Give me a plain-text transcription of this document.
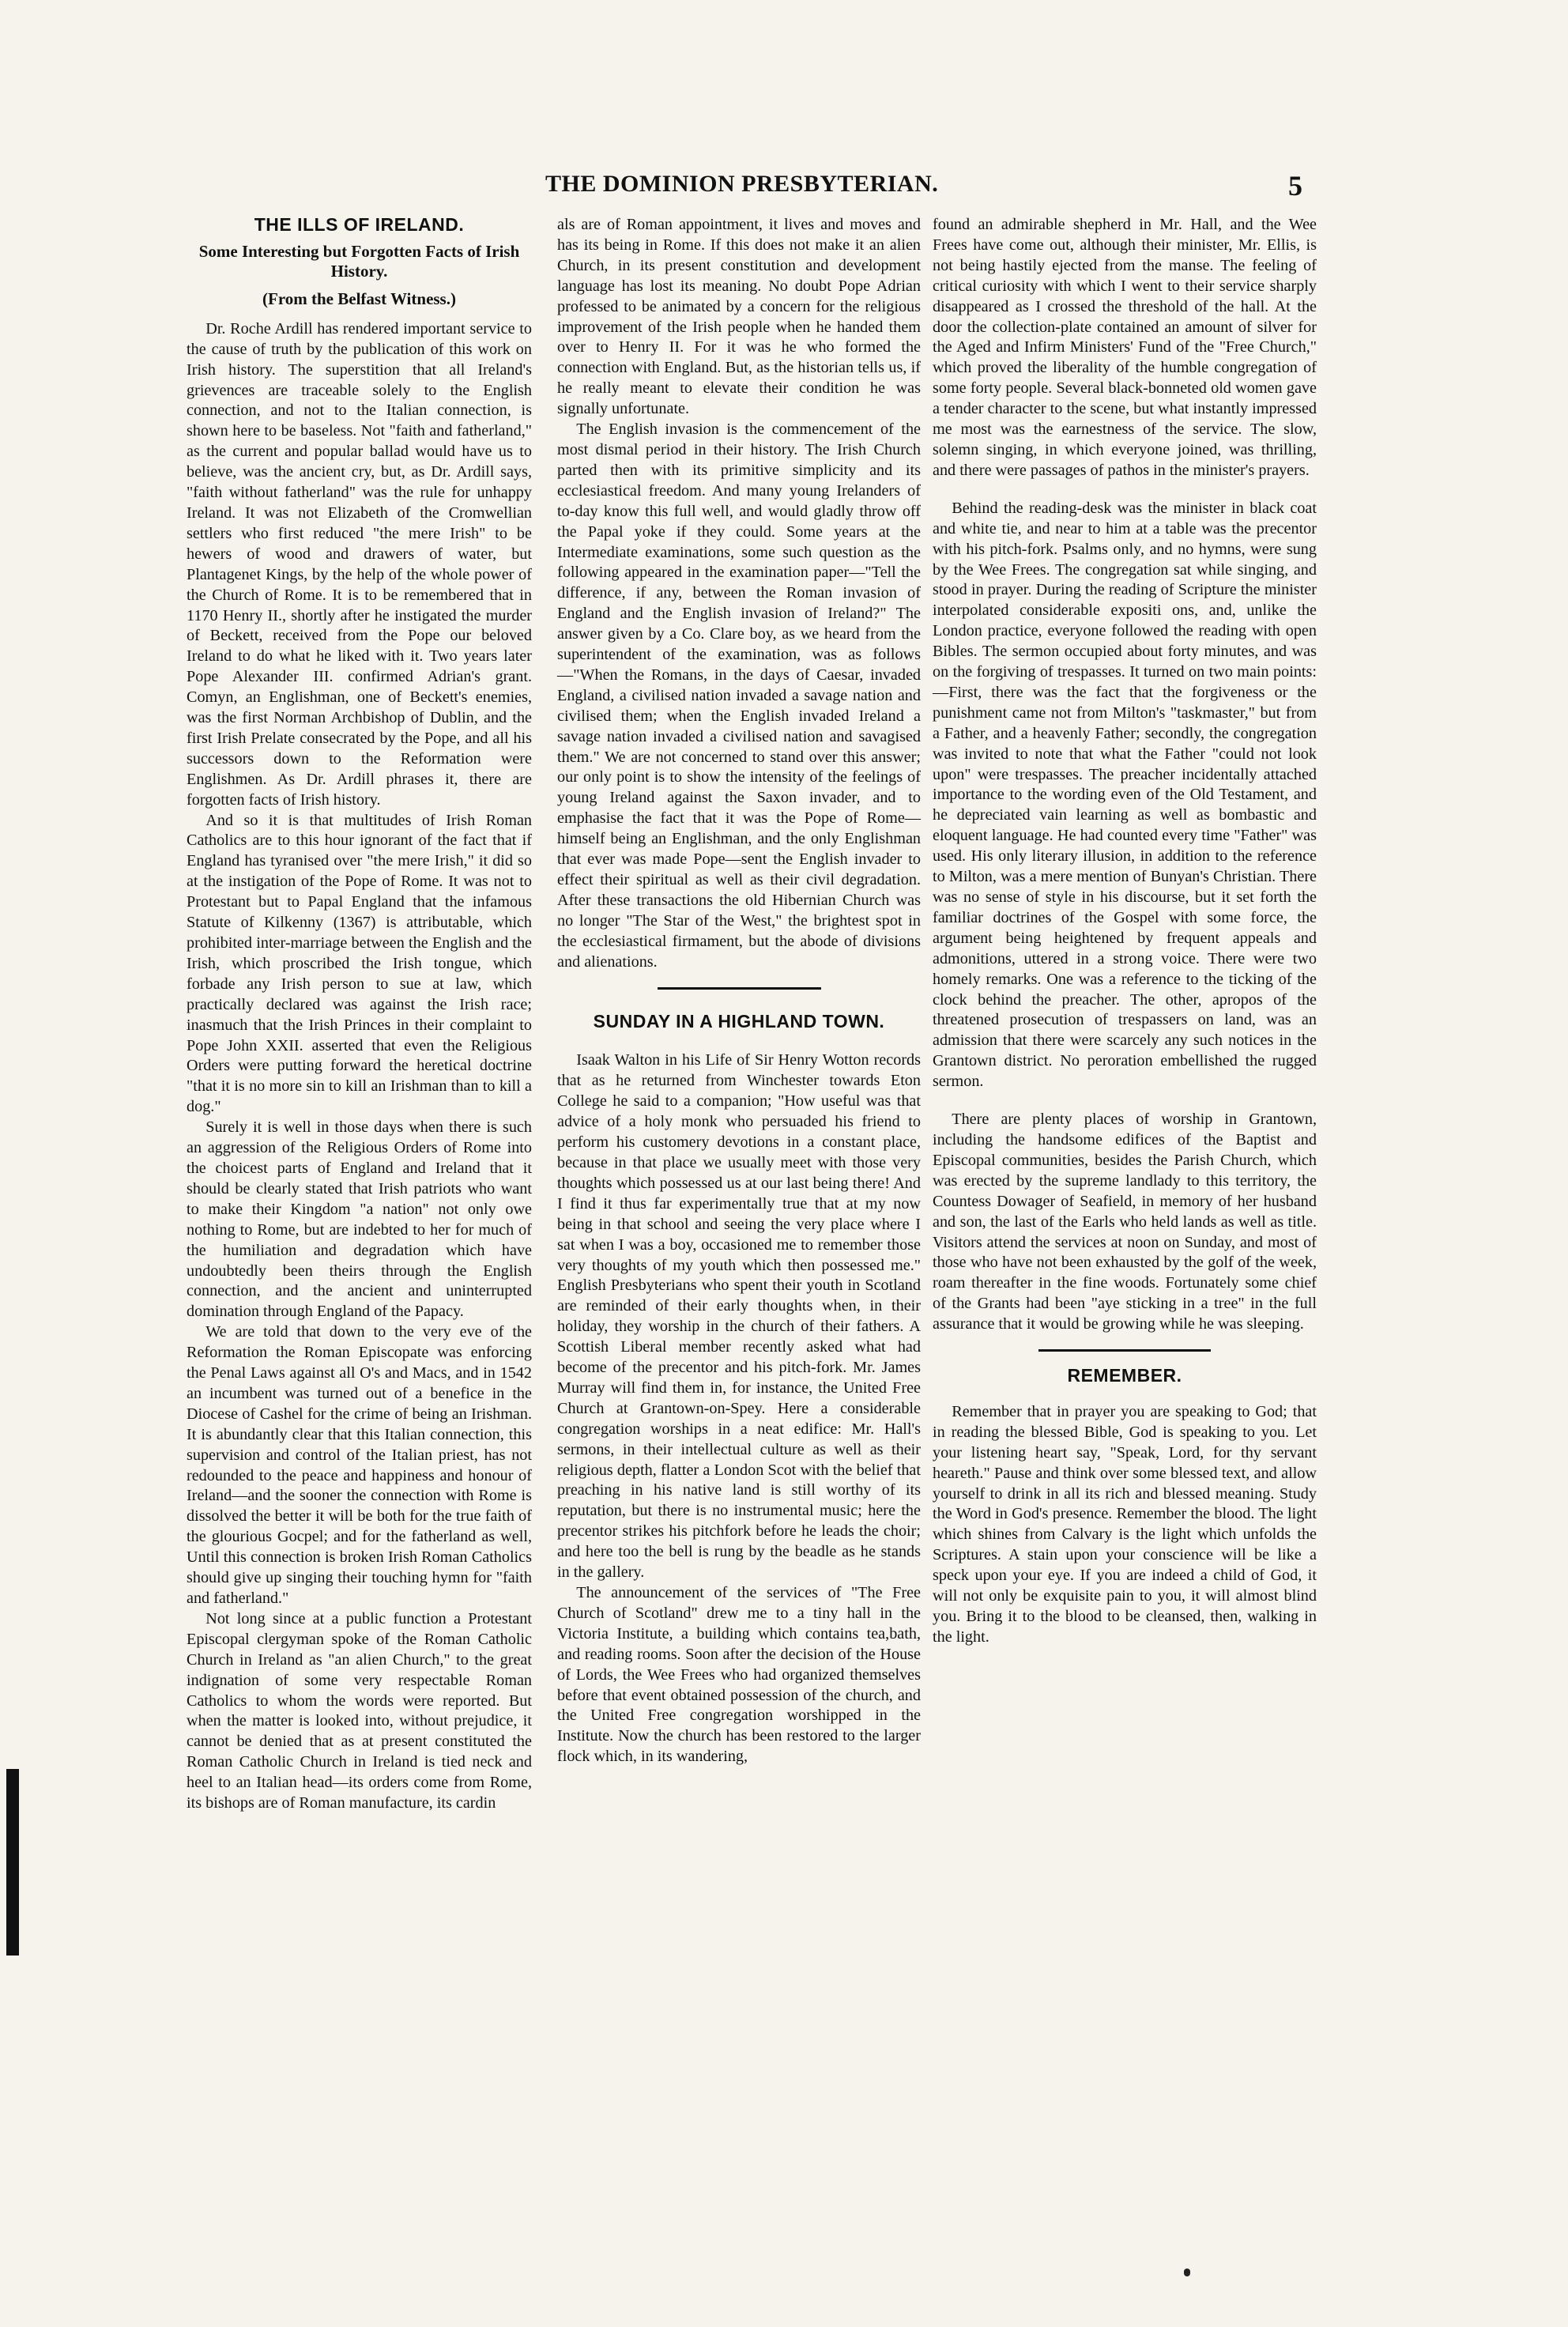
THE DOMINION PRESBYTERIAN.	5
THE ILLS OF IRELAND.
Some Interesting but Forgotten Facts of Irish History.
(From the Belfast Witness.)

Dr. Roche Ardill has rendered important service to the cause of truth by the publication of this work on Irish history. The superstition that all Ireland's grievences are traceable solely to the English connection, and not to the Italian connection, is shown here to be baseless. Not "faith and fatherland," as the current and popular ballad would have us to believe, was the ancient cry, but, as Dr. Ardill says, "faith without fatherland" was the rule for unhappy Ireland. It was not Elizabeth of the Cromwellian settlers who first reduced "the mere Irish" to be hewers of wood and drawers of water, but Plantagenet Kings, by the help of the whole power of the Church of Rome. It is to be remembered that in 1170 Henry II., shortly after he instigated the murder of Beckett, received from the Pope our beloved Ireland to do what he liked with it. Two years later Pope Alexander III. confirmed Adrian's grant. Comyn, an Englishman, one of Beckett's enemies, was the first Norman Archbishop of Dublin, and the first Irish Prelate consecrated by the Pope, and all his successors down to the Reformation were Englishmen. As Dr. Ardill phrases it, there are forgotten facts of Irish history.

And so it is that multitudes of Irish Roman Catholics are to this hour ignorant of the fact that if England has tyranised over "the mere Irish," it did so at the instigation of the Pope of Rome. It was not to Protestant but to Papal England that the infamous Statute of Kilkenny (1367) is attributable, which prohibited inter-marriage between the English and the Irish, which proscribed the Irish tongue, which forbade any Irish person to sue at law, which practically declared was against the Irish race; inasmuch that the Irish Princes in their complaint to Pope John XXII. asserted that even the Religious Orders were putting forward the heretical doctrine "that it is no more sin to kill an Irishman than to kill a dog."

Surely it is well in those days when there is such an aggression of the Religious Orders of Rome into the choicest parts of England and Ireland that it should be clearly stated that Irish patriots who want to make their Kingdom "a nation" not only owe nothing to Rome, but are indebted to her for much of the humiliation and degradation which have undoubtedly been theirs through the English connection, and the ancient and uninterrupted domination through England of the Papacy.

We are told that down to the very eve of the Reformation the Roman Episcopate was enforcing the Penal Laws against all O's and Macs, and in 1542 an incumbent was turned out of a benefice in the Diocese of Cashel for the crime of being an Irishman. It is abundantly clear that this Italian connection, this supervision and control of the Italian priest, has not redounded to the peace and happiness and honour of Ireland—and the sooner the connection with Rome is dissolved the better it will be both for the true faith of the glourious Gocpel; and for the fatherland as well, Until this connection is broken Irish Roman Catholics should give up singing their touching hymn for "faith and fatherland."

Not long since at a public function a Protestant Episcopal clergyman spoke of the Roman Catholic Church in Ireland as "an alien Church," to the great indignation of some very respectable Roman Catholics to whom the words were reported. But when the matter is looked into, without prejudice, it cannot be denied that as at present constituted the Roman Catholic Church in Ireland is tied neck and heel to an Italian head—its orders come from Rome, its bishops are of Roman manufacture, its cardin

als are of Roman appointment, it lives and moves and has its being in Rome. If this does not make it an alien Church, in its present constitution and development language has lost its meaning. No doubt Pope Adrian professed to be animated by a concern for the religious improvement of the Irish people when he handed them over to Henry II. For it was he who formed the connection with England. But, as the historian tells us, if he really meant to elevate their condition he was signally unfortunate.

The English invasion is the commencement of the most dismal period in their history. The Irish Church parted then with its primitive simplicity and its ecclesiastical freedom. And many young Irelanders of to-day know this full well, and would gladly throw off the Papal yoke if they could. Some years at the Intermediate examinations, some such question as the following appeared in the examination paper—"Tell the difference, if any, between the Roman invasion of England and the English invasion of Ireland?" The answer given by a Co. Clare boy, as we heard from the superintendent of the examination, was as follows—"When the Romans, in the days of Caesar, invaded England, a civilised nation invaded a savage nation and civilised them; when the English invaded Ireland a savage nation invaded a civilised nation and savagised them." We are not concerned to stand over this answer; our only point is to show the intensity of the feelings of young Ireland against the Saxon invader, and to emphasise the fact that it was the Pope of Rome—himself being an Englishman, and the only Englishman that ever was made Pope—sent the English invader to effect their spiritual as well as their civil degradation. After these transactions the old Hibernian Church was no longer "The Star of the West," the brightest spot in the ecclesiastical firmament, but the abode of divisions and alienations.

SUNDAY IN A HIGHLAND TOWN.

Isaak Walton in his Life of Sir Henry Wotton records that as he returned from Winchester towards Eton College he said to a companion; "How useful was that advice of a holy monk who persuaded his friend to perform his customery devotions in a constant place, because in that place we usually meet with those very thoughts which possessed us at our last being there! And I find it thus far experimentally true that at my now being in that school and seeing the very place where I sat when I was a boy, occasioned me to remember those very thoughts of my youth which then possessed me." English Presbyterians who spent their youth in Scotland are reminded of their early thoughts when, in their holiday, they worship in the church of their fathers. A Scottish Liberal member recently asked what had become of the precentor and his pitch-fork. Mr. James Murray will find them in, for instance, the United Free Church at Grantown-on-Spey. Here a considerable congregation worships in a neat edifice: Mr. Hall's sermons, in their intellectual culture as well as their religious depth, flatter a London Scot with the belief that preaching in his native land is still worthy of its reputation, but there is no instrumental music; here the precentor strikes his pitchfork before he leads the choir; and here too the bell is rung by the beadle as he stands in the gallery.

The announcement of the services of "The Free Church of Scotland" drew me to a tiny hall in the Victoria Institute, a building which contains tea,bath, and reading rooms. Soon after the decision of the House of Lords, the Wee Frees who had organized themselves before that event obtained possession of the church, and the United Free congregation worshipped in the Institute. Now the church has been restored to the larger flock which, in its wandering,

found an admirable shepherd in Mr. Hall, and the Wee Frees have come out, although their minister, Mr. Ellis, is not being hastily ejected from the manse. The feeling of critical curiosity with which I went to their service sharply disappeared as I crossed the threshold of the hall. At the door the collection-plate contained an amount of silver for the Aged and Infirm Ministers' Fund of the "Free Church," which proved the liberality of the humble congregation of some forty people. Several black-bonneted old women gave a tender character to the scene, but what instantly impressed me most was the earnestness of the service. The slow, solemn singing, in which everyone joined, was thrilling, and there were passages of pathos in the minister's prayers.

Behind the reading-desk was the minister in black coat and white tie, and near to him at a table was the precentor with his pitch-fork. Psalms only, and no hymns, were sung by the Wee Frees. The congregation sat while singing, and stood in prayer. During the reading of Scripture the minister interpolated considerable expositi ons, and, unlike the London practice, everyone followed the reading with open Bibles. The sermon occupied about forty minutes, and was on the forgiving of trespasses. It turned on two main points:—First, there was the fact that the forgiveness or the punishment came not from Milton's "taskmaster," but from a Father, and a heavenly Father; secondly, the congregation was invited to note that what the Father "could not look upon" were trespasses. The preacher incidentally attached importance to the wording even of the Old Testament, and he depreciated vain learning as well as bombastic and eloquent language. He had counted every time "Father" was used. His only literary illusion, in addition to the reference to Milton, was a mere mention of Bunyan's Christian. There was no sense of style in his discourse, but it set forth the familiar doctrines of the Gospel with some force, the argument being heightened by frequent appeals and admonitions, uttered in a strong voice. There were two homely remarks. One was a reference to the ticking of the clock behind the preacher. The other, apropos of the threatened prosecution of trespassers on land, was an admission that there were scarcely any such notices in the Grantown district. No peroration embellished the rugged sermon.

There are plenty places of worship in Grantown, including the handsome edifices of the Baptist and Episcopal communities, besides the Parish Church, which was erected by the supreme landlady to this territory, the Countess Dowager of Seafield, in memory of her husband and son, the last of the Earls who held lands as well as title. Visitors attend the services at noon on Sunday, and most of those who have not been exhausted by the golf of the week, roam thereafter in the fine woods. Fortunately some chief of the Grants had been "aye sticking in a tree" in the full assurance that it would be growing while he was sleeping.

REMEMBER.

Remember that in prayer you are speaking to God; that in reading the blessed Bible, God is speaking to you. Let your listening heart say, "Speak, Lord, for thy servant heareth." Pause and think over some blessed text, and allow yourself to drink in all its rich and blessed meaning. Study the Word in God's presence. Remember the blood. The light which shines from Calvary is the light which unfolds the Scriptures. A stain upon your conscience will be like a speck upon your eye. If you are indeed a child of God, it will not only be exquisite pain to you, it will almost blind you. Bring it to the blood to be cleansed, then, walking in the light.
